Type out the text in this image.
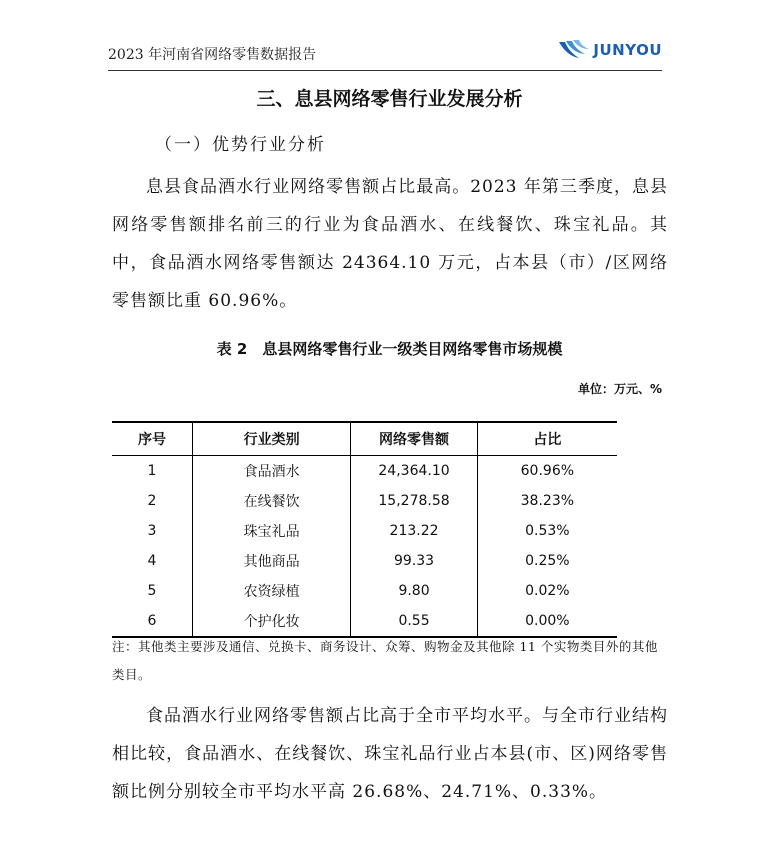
2023 年河南省网络零售数据报告	JUNYOU
三、息县网络零售行业发展分析
（一）优势行业分析

息县食品酒水行业网络零售额占比最高。2023 年第三季度，息县网络零售额排名前三的行业为食品酒水、在线餐饮、珠宝礼品。其中，食品酒水网络零售额达 24364.10 万元，占本县（市）/区网络零售额比重 60.96%。

表 2　息县网络零售行业一级类目网络零售市场规模
单位：万元、%
序号	行业类别	网络零售额	占比
1	食品酒水	24,364.10	60.96%
2	在线餐饮	15,278.58	38.23%
3	珠宝礼品	213.22	0.53%
4	其他商品	99.33	0.25%
5	农资绿植	9.80	0.02%
6	个护化妆	0.55	0.00%

注：其他类主要涉及通信、兑换卡、商务设计、众筹、购物金及其他除 11 个实物类目外的其他类目。

食品酒水行业网络零售额占比高于全市平均水平。与全市行业结构相比较，食品酒水、在线餐饮、珠宝礼品行业占本县(市、区)网络零售额比例分别较全市平均水平高 26.68%、24.71%、0.33%。
